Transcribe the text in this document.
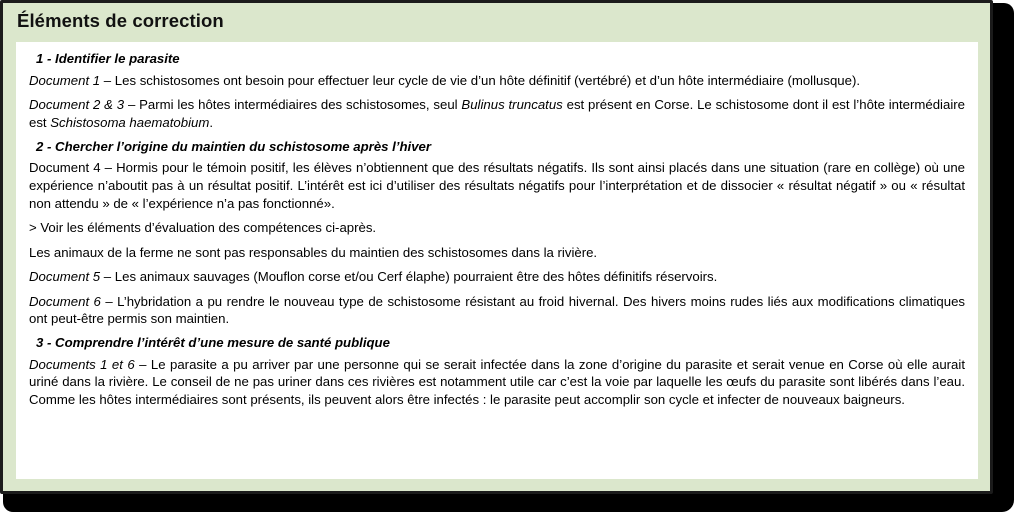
Éléments de correction
1 - Identifier le parasite

Document 1 – Les schistosomes ont besoin pour effectuer leur cycle de vie d’un hôte définitif (vertébré) et d’un hôte intermédiaire (mollusque).

Document 2 & 3 – Parmi les hôtes intermédiaires des schistosomes, seul Bulinus truncatus est présent en Corse. Le schistosome dont il est l’hôte intermédiaire est Schistosoma haematobium.

2 - Chercher l’origine du maintien du schistosome après l’hiver

Document 4 – Hormis pour le témoin positif, les élèves n’obtiennent que des résultats négatifs. Ils sont ainsi placés dans une situation (rare en collège) où une expérience n’aboutit pas à un résultat positif. L’intérêt est ici d’utiliser des résultats négatifs pour l’interprétation et de dissocier « résultat négatif » ou « résultat non attendu » de « l’expérience n’a pas fonctionné».

> Voir les éléments d’évaluation des compétences ci-après.

Les animaux de la ferme ne sont pas responsables du maintien des schistosomes dans la rivière.

Document 5 – Les animaux sauvages (Mouflon corse et/ou Cerf élaphe) pourraient être des hôtes définitifs réservoirs.

Document 6 – L’hybridation a pu rendre le nouveau type de schistosome résistant au froid hivernal. Des hivers moins rudes liés aux modifications climatiques ont peut-être permis son maintien.

3 - Comprendre l’intérêt d’une mesure de santé publique

Documents 1 et 6 – Le parasite a pu arriver par une personne qui se serait infectée dans la zone d’origine du parasite et serait venue en Corse où elle aurait uriné dans la rivière. Le conseil de ne pas uriner dans ces rivières est notamment utile car c’est la voie par laquelle les œufs du parasite sont libérés dans l’eau. Comme les hôtes intermédiaires sont présents, ils peuvent alors être infectés : le parasite peut accomplir son cycle et infecter de nouveaux baigneurs.
